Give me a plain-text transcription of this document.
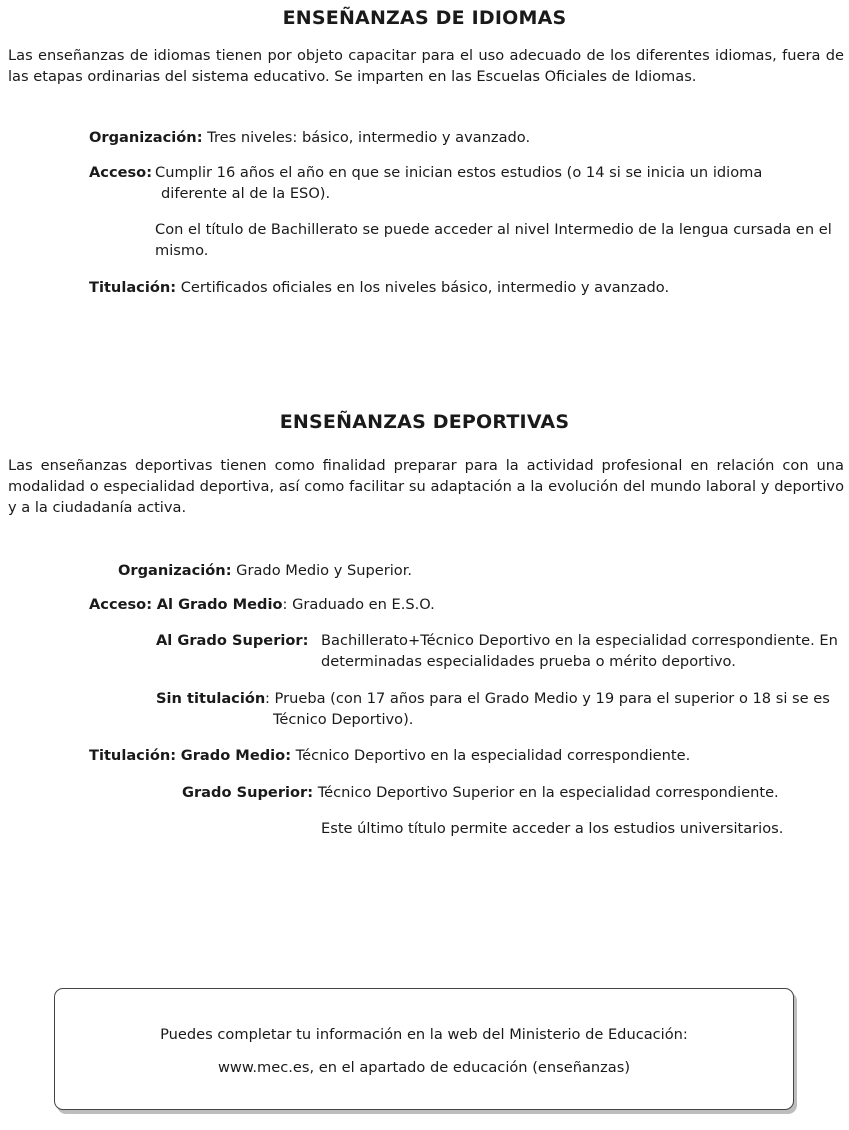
ENSEÑANZAS DE IDIOMAS
Las enseñanzas de idiomas tienen por objeto capacitar para el uso adecuado de los diferentes idiomas, fuera de las etapas ordinarias del sistema educativo. Se imparten en las Escuelas Oficiales de Idiomas.
Organización: Tres niveles: básico, intermedio y avanzado.
Acceso: Cumplir 16 años el año en que se inician estos estudios (o 14 si se inicia un idioma diferente al de la ESO).
Con el título de Bachillerato se puede acceder al nivel Intermedio de la lengua cursada en el mismo.
Titulación: Certificados oficiales en los niveles básico, intermedio y avanzado.
ENSEÑANZAS DEPORTIVAS
Las enseñanzas deportivas tienen como finalidad preparar para la actividad profesional en relación con una modalidad o especialidad deportiva, así como facilitar su adaptación a la evolución del mundo laboral y deportivo y a la ciudadanía activa.
Organización: Grado Medio y Superior.
Acceso: Al Grado Medio: Graduado en E.S.O.
Al Grado Superior: Bachillerato+Técnico Deportivo en la especialidad correspondiente. En determinadas especialidades prueba o mérito deportivo.
Sin titulación : Prueba (con 17 años para el Grado Medio y 19 para el superior o 18 si se es Técnico Deportivo).
Titulación: Grado Medio: Técnico Deportivo en la especialidad correspondiente.
Grado Superior: Técnico Deportivo Superior en la especialidad correspondiente.
Este último título permite acceder a los estudios universitarios.
Puedes completar tu información en la web del Ministerio de Educación:
www.mec.es, en el apartado de educación (enseñanzas)
